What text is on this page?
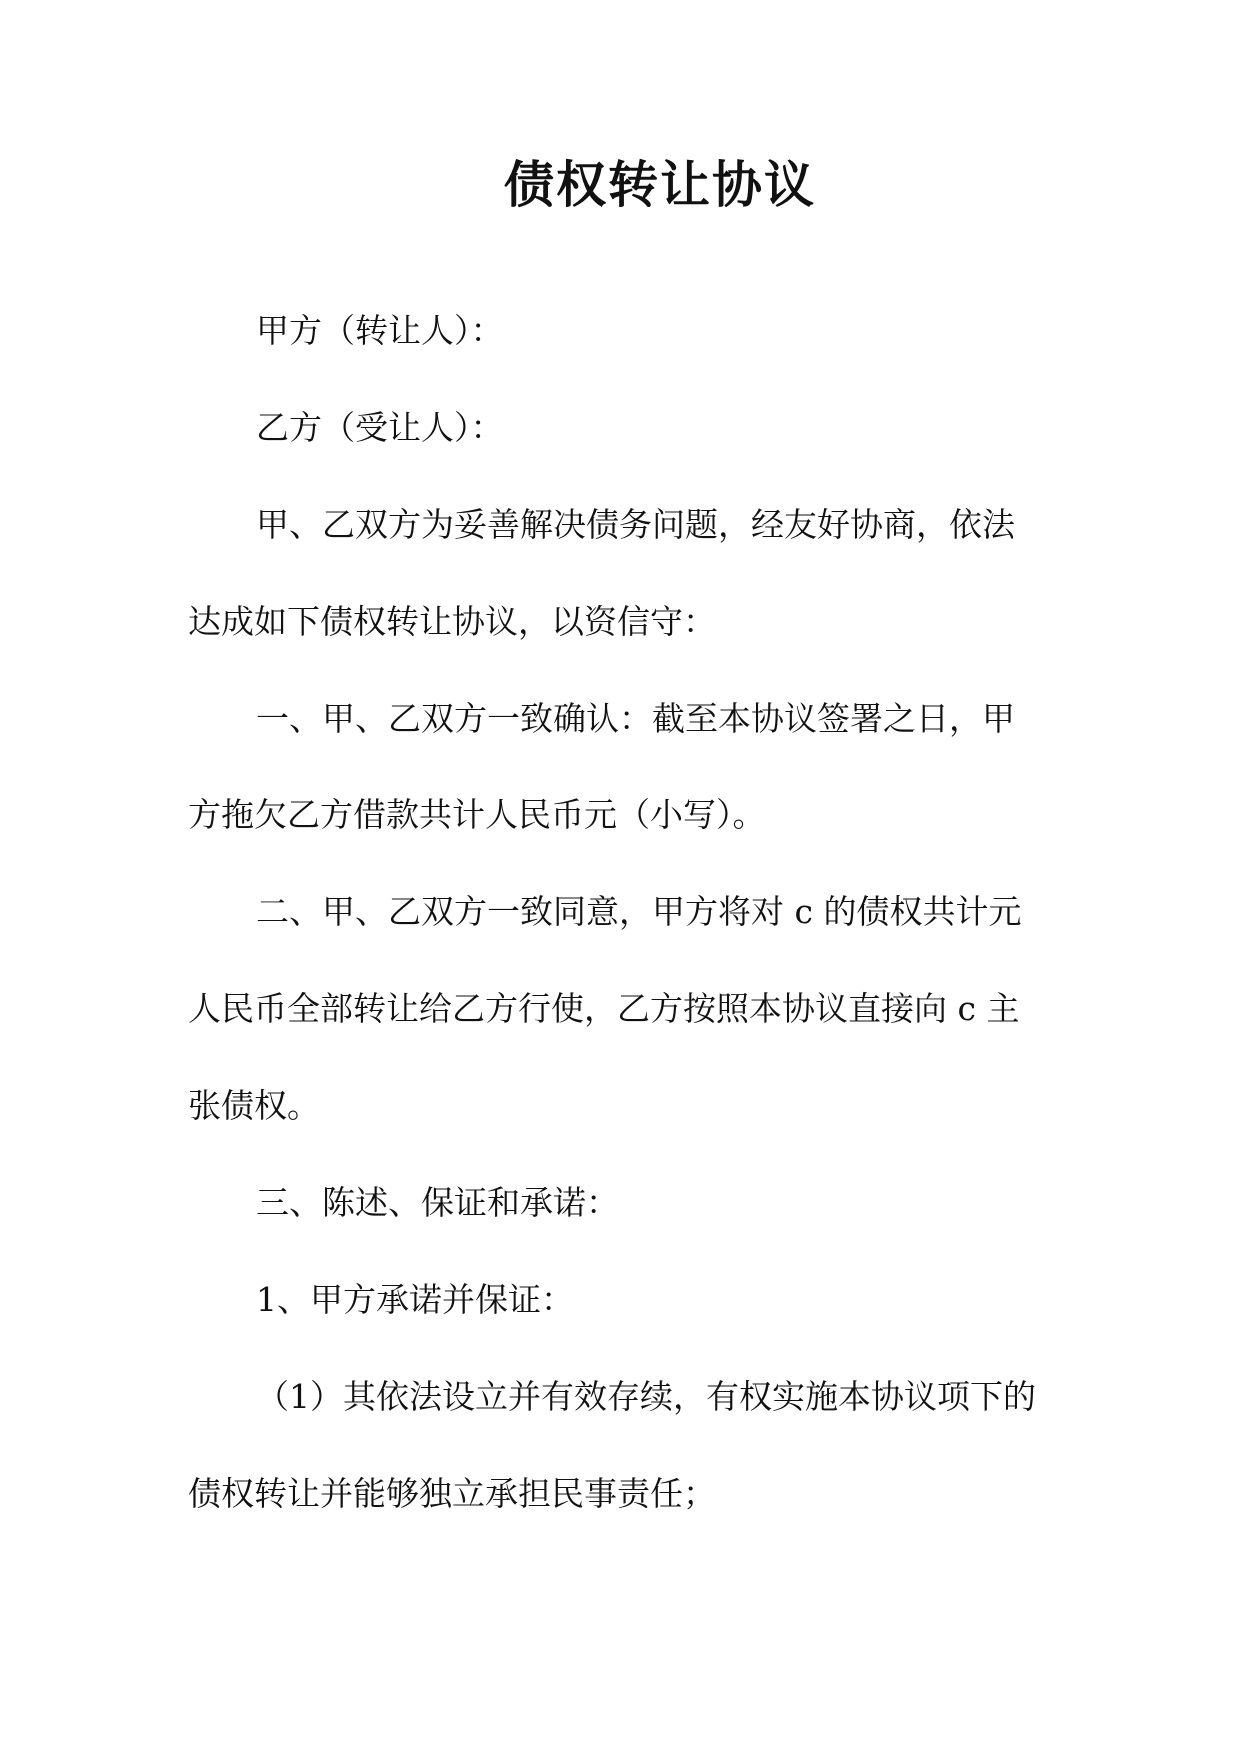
债权转让协议
甲方（转让人）：
乙方（受让人）：
甲、乙双方为妥善解决债务问题，经友好协商，依法
达成如下债权转让协议，以资信守：
一、甲、乙双方一致确认：截至本协议签署之日，甲
方拖欠乙方借款共计人民币元（小写）。
二、甲、乙双方一致同意，甲方将对 c 的债权共计元
人民币全部转让给乙方行使，乙方按照本协议直接向 c 主
张债权。
三、陈述、保证和承诺：
1、甲方承诺并保证：
（1）其依法设立并有效存续，有权实施本协议项下的
债权转让并能够独立承担民事责任；
